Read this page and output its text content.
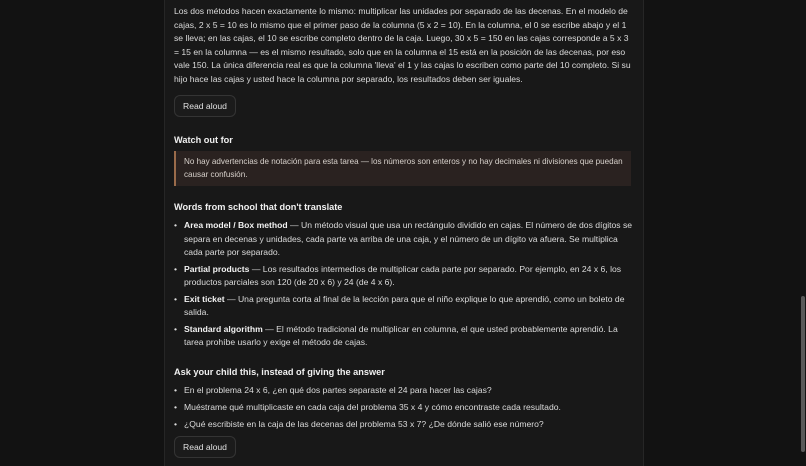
Los dos métodos hacen exactamente lo mismo: multiplicar las unidades por separado de las decenas. En el modelo de cajas, 2 x 5 = 10 es lo mismo que el primer paso de la columna (5 x 2 = 10). En la columna, el 0 se escribe abajo y el 1 se lleva; en las cajas, el 10 se escribe completo dentro de la caja. Luego, 30 x 5 = 150 en las cajas corresponde a 5 x 3 = 15 en la columna — es el mismo resultado, solo que en la columna el 15 está en la posición de las decenas, por eso vale 150. La única diferencia real es que la columna 'lleva' el 1 y las cajas lo escriben como parte del 10 completo. Si su hijo hace las cajas y usted hace la columna por separado, los resultados deben ser iguales.

Read aloud
Watch out for
No hay advertencias de notación para esta tarea — los números son enteros y no hay decimales ni divisiones que puedan causar confusión.
Words from school that don't translate
• Area model / Box method — Un método visual que usa un rectángulo dividido en cajas. El número de dos dígitos se separa en decenas y unidades, cada parte va arriba de una caja, y el número de un dígito va afuera. Se multiplica cada parte por separado.
• Partial products — Los resultados intermedios de multiplicar cada parte por separado. Por ejemplo, en 24 x 6, los productos parciales son 120 (de 20 x 6) y 24 (de 4 x 6).
• Exit ticket — Una pregunta corta al final de la lección para que el niño explique lo que aprendió, como un boleto de salida.
• Standard algorithm — El método tradicional de multiplicar en columna, el que usted probablemente aprendió. La tarea prohíbe usarlo y exige el método de cajas.
Ask your child this, instead of giving the answer
• En el problema 24 x 6, ¿en qué dos partes separaste el 24 para hacer las cajas?
• Muéstrame qué multiplicaste en cada caja del problema 35 x 4 y cómo encontraste cada resultado.
• ¿Qué escribiste en la caja de las decenas del problema 53 x 7? ¿De dónde salió ese número?
Read aloud
